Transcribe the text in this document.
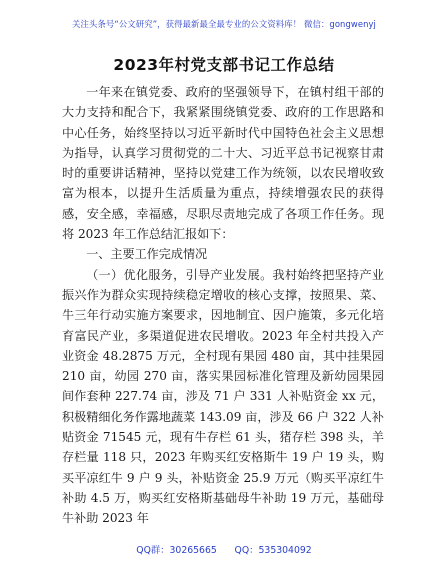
关注头条号“公文研究”，获得最新最全最专业的公文资料库！ 微信：gongwenyj
2023年村党支部书记工作总结

一年来在镇党委、政府的坚强领导下，在镇村组干部的大力支持和配合下，我紧紧围绕镇党委、政府的工作思路和中心任务，始终坚持以习近平新时代中国特色社会主义思想为指导，认真学习贯彻党的二十大、习近平总书记视察甘肃时的重要讲话精神，坚持以党建工作为统领，以农民增收致富为根本，以提升生活质量为重点，持续增强农民的获得感，安全感，幸福感，尽职尽责地完成了各项工作任务。现将 2023 年工作总结汇报如下：

一、主要工作完成情况

（一）优化服务，引导产业发展。我村始终把坚持产业振兴作为群众实现持续稳定增收的核心支撑，按照果、菜、牛三年行动实施方案要求，因地制宜、因户施策，多元化培育富民产业，多渠道促进农民增收。2023 年全村共投入产业资金 48.2875 万元，全村现有果园 480 亩，其中挂果园 210 亩，幼园 270 亩，落实果园标准化管理及新幼园果园间作套种 227.74 亩，涉及 71 户 331 人补贴资金 xx 元，积极精细化务作露地蔬菜 143.09 亩，涉及 66 户 322 人补贴资金 71545 元，现有牛存栏 61 头，猪存栏 398 头，羊存栏量 118 只，2023 年购买红安格斯牛 19 户 19 头，购买平凉红牛 9 户 9 头，补贴资金 25.9 万元（购买平凉红牛补助 4.5 万，购买红安格斯基础母牛补助 19 万元，基础母牛补助 2023 年

QQ群：30265665 QQ：535304092
